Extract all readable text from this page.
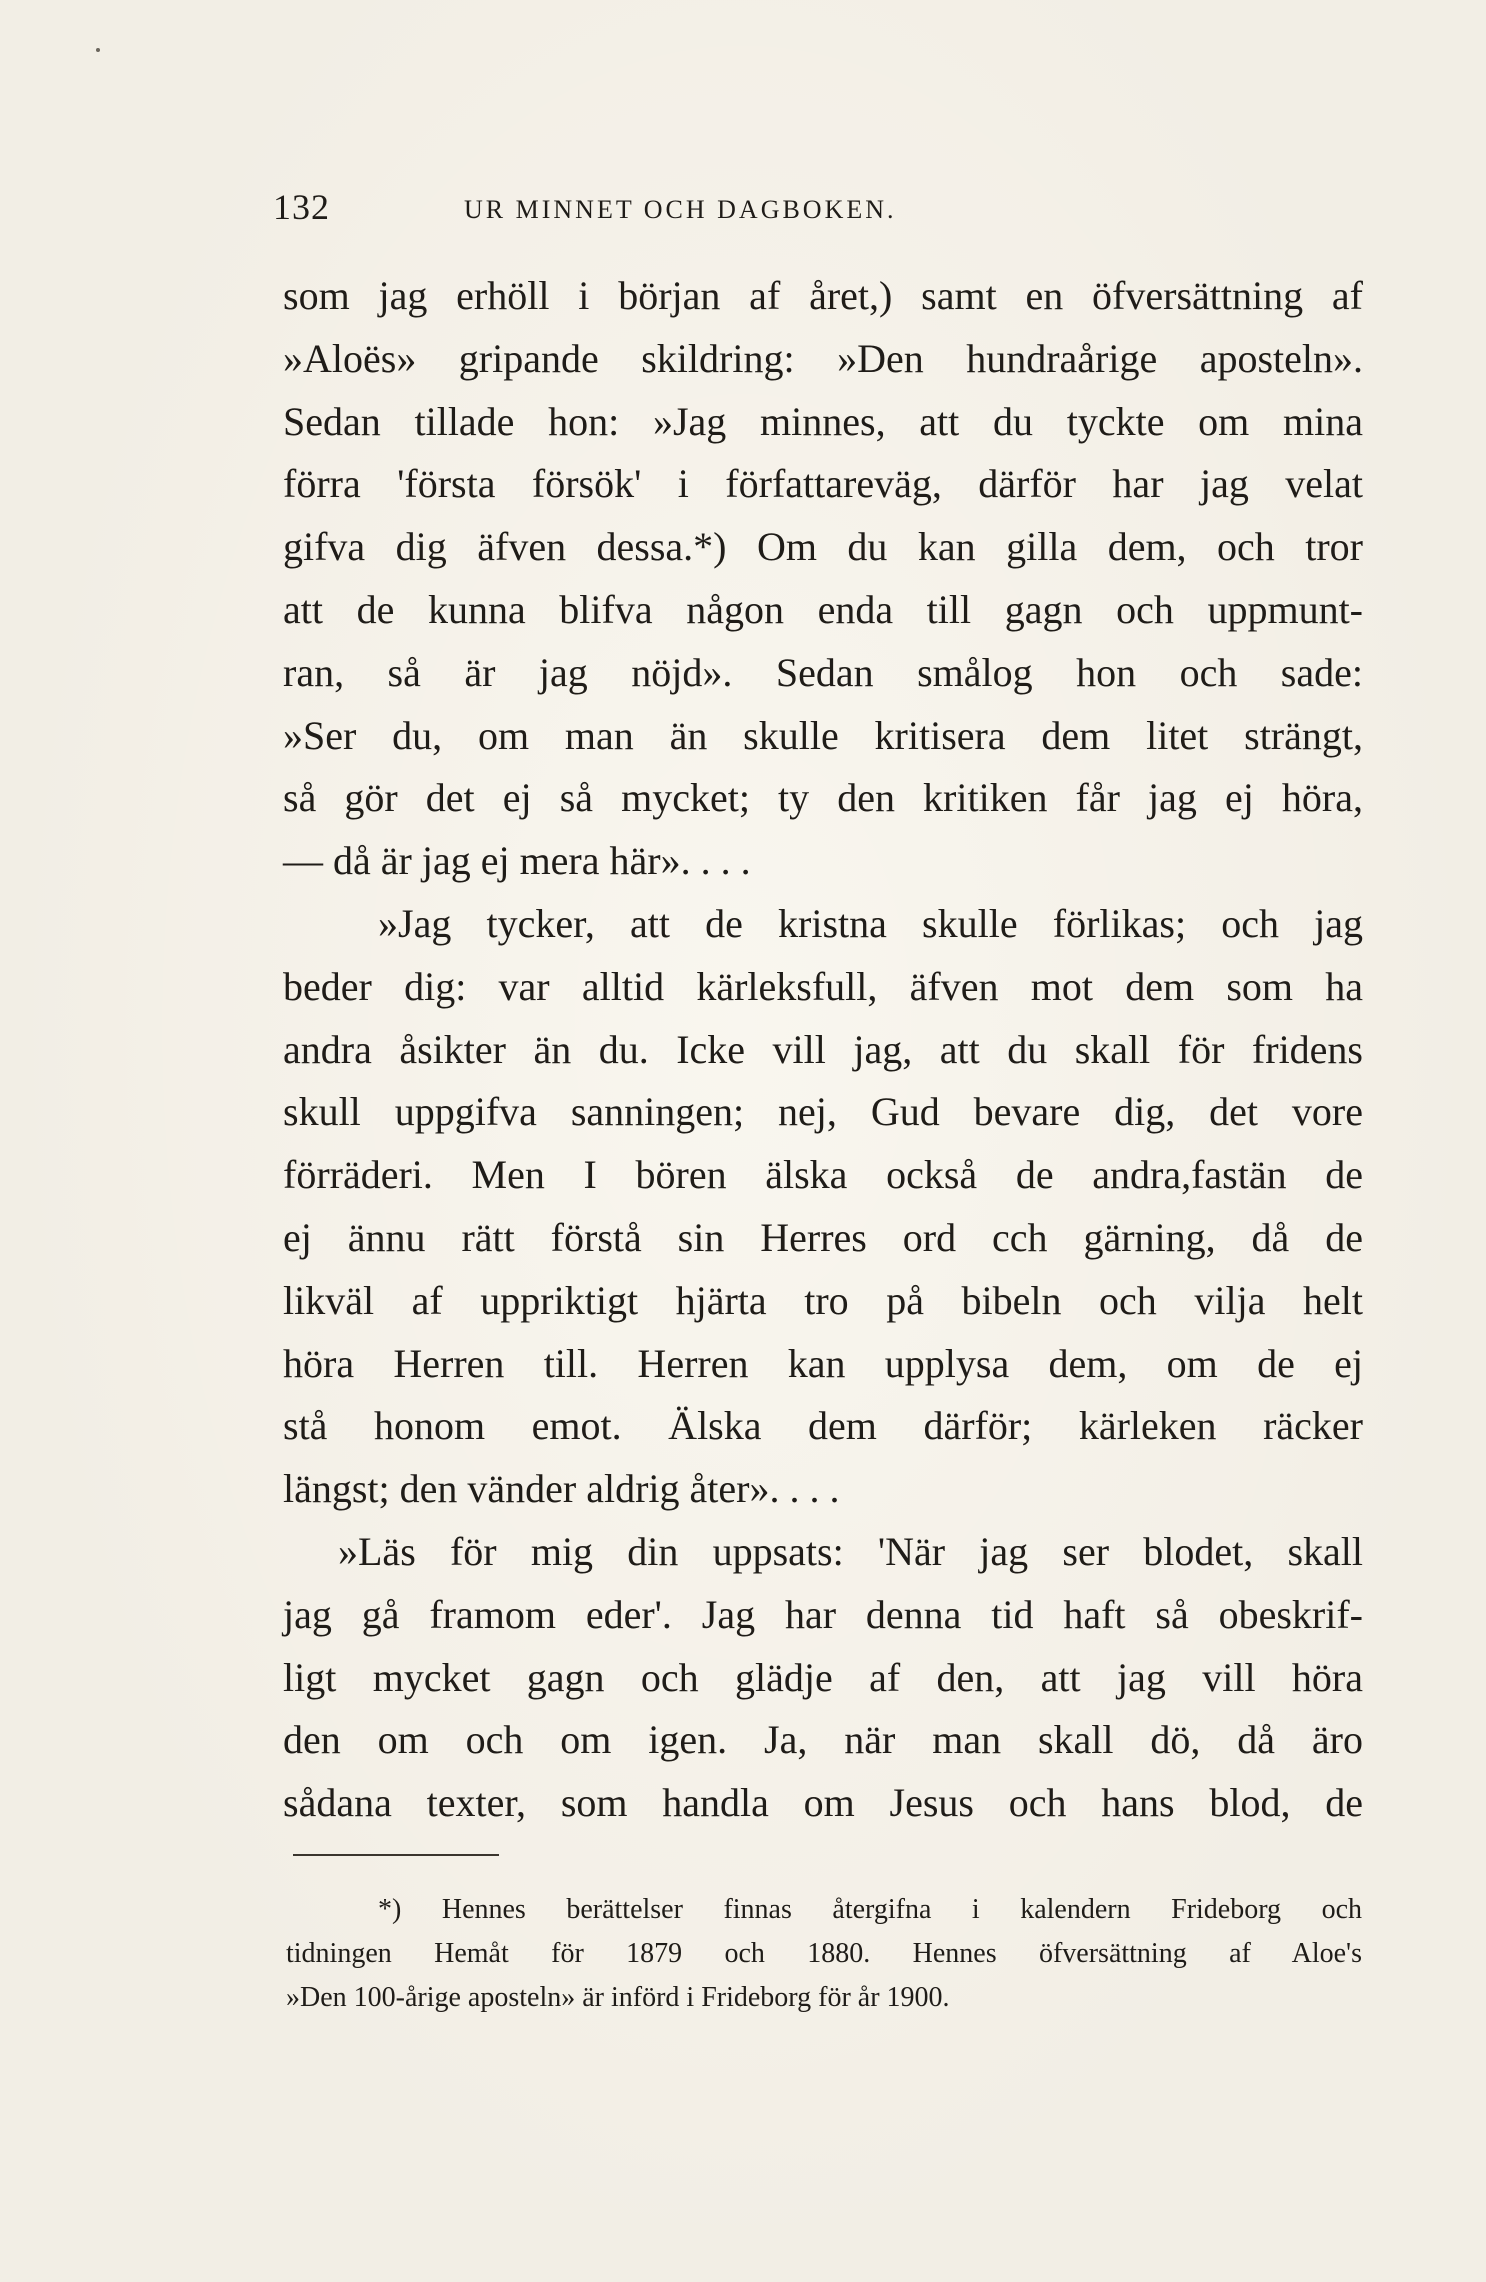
132	UR MINNET OCH DAGBOKEN.
som jag erhöll i början af året,) samt en öfversättning af
»Aloës» gripande skildring: »Den hundraårige aposteln».
Sedan tillade hon: »Jag minnes, att du tyckte om mina
förra 'första försök' i författareväg, därför har jag velat
gifva dig äfven dessa.*) Om du kan gilla dem, och tror
att de kunna blifva någon enda till gagn och uppmunt-
ran, så är jag nöjd». Sedan smålog hon och sade:
»Ser du, om man än skulle kritisera dem litet strängt,
så gör det ej så mycket; ty den kritiken får jag ej höra,
— då är jag ej mera här». . . .
»Jag tycker, att de kristna skulle förlikas; och jag
beder dig: var alltid kärleksfull, äfven mot dem som ha
andra åsikter än du. Icke vill jag, att du skall för fridens
skull uppgifva sanningen; nej, Gud bevare dig, det vore
förräderi. Men I bören älska också de andra,fastän de
ej ännu rätt förstå sin Herres ord cch gärning, då de
likväl af uppriktigt hjärta tro på bibeln och vilja helt
höra Herren till. Herren kan upplysa dem, om de ej
stå honom emot. Älska dem därför; kärleken räcker
längst; den vänder aldrig åter». . . .
»Läs för mig din uppsats: 'När jag ser blodet, skall
jag gå framom eder'. Jag har denna tid haft så obeskrif-
ligt mycket gagn och glädje af den, att jag vill höra
den om och om igen. Ja, när man skall dö, då äro
sådana texter, som handla om Jesus och hans blod, de
*) Hennes berättelser finnas återgifna i kalendern Frideborg och
tidningen Hemåt för 1879 och 1880. Hennes öfversättning af Aloe's
»Den 100-årige aposteln» är införd i Frideborg för år 1900.
